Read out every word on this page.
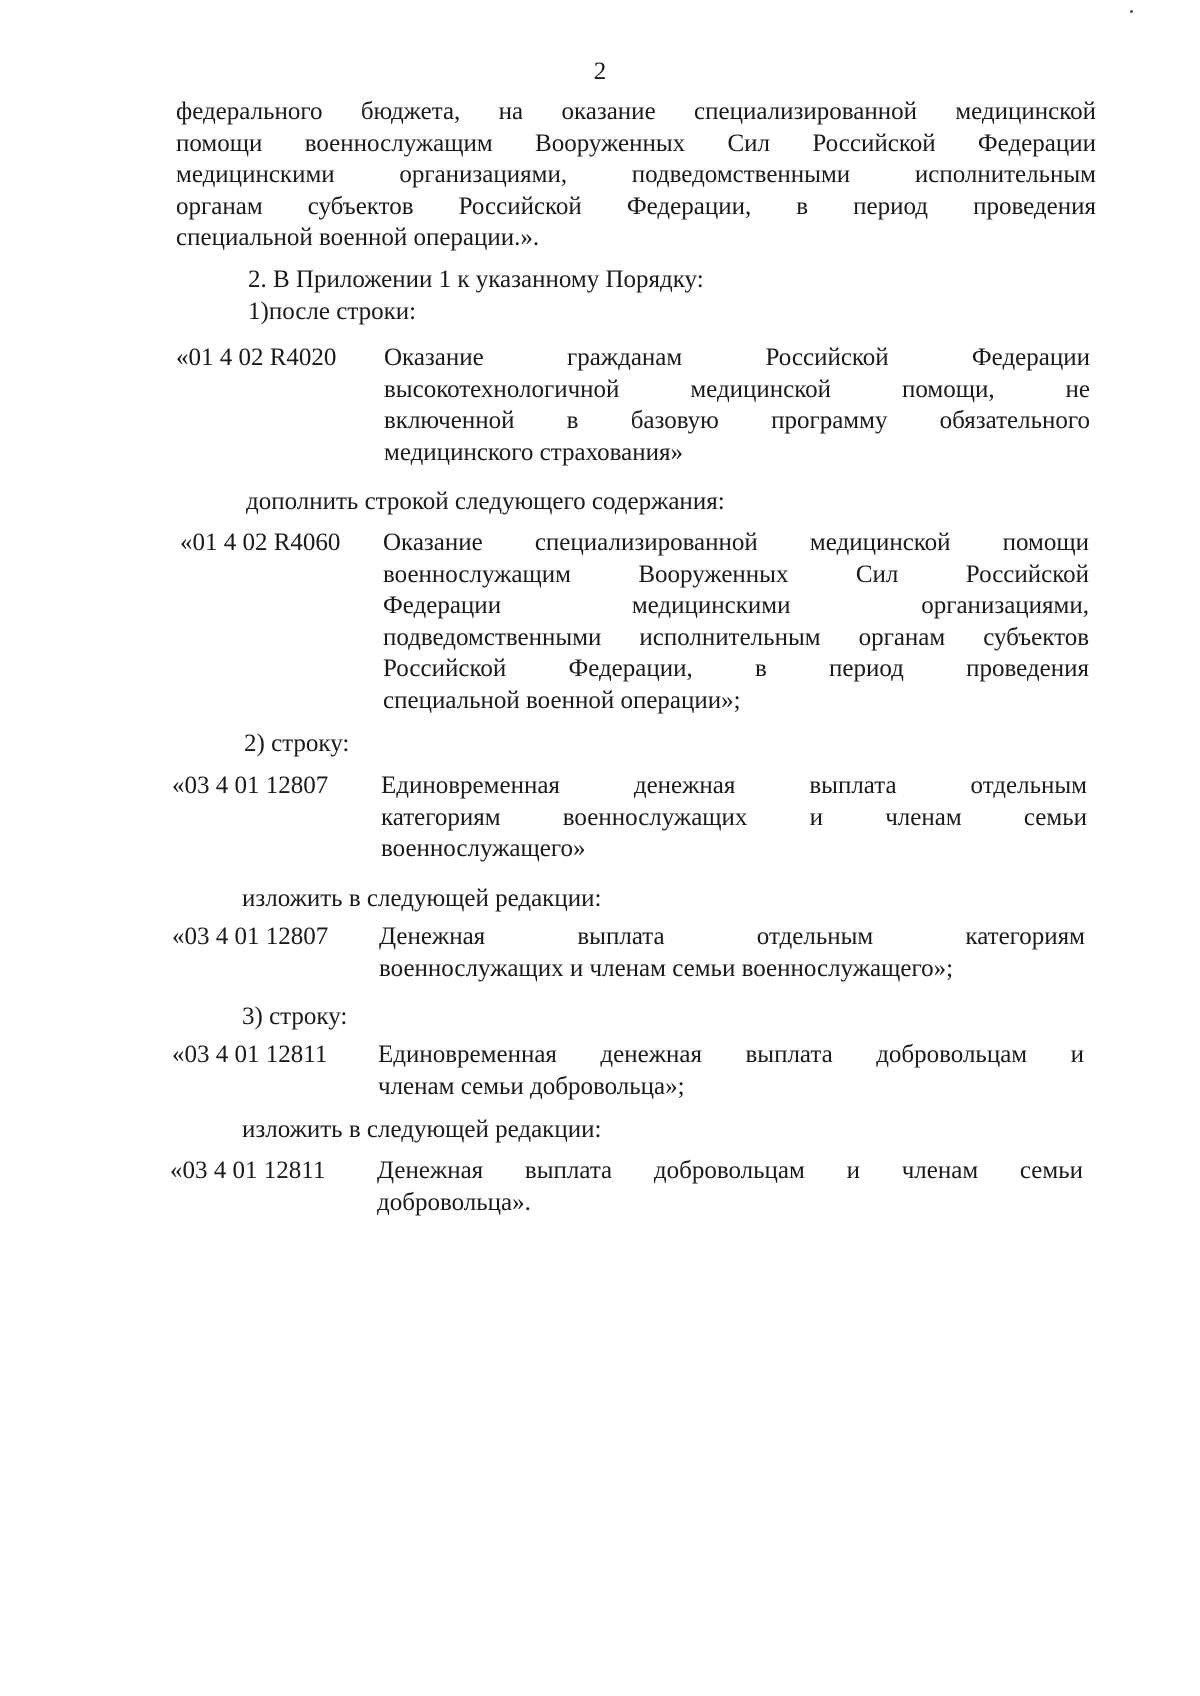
2
федерального бюджета, на оказание специализированной медицинской
помощи военнослужащим Вооруженных Сил Российской Федерации
медицинскими организациями, подведомственными исполнительным
органам субъектов Российской Федерации, в период проведения
специальной военной операции.».
2. В Приложении 1 к указанному Порядку:
1)после строки:
«01 4 02 R4020 Оказание гражданам Российской Федерации
высокотехнологичной медицинской помощи, не
включенной в базовую программу обязательного
медицинского страхования»
дополнить строкой следующего содержания:
«01 4 02 R4060 Оказание специализированной медицинской помощи
военнослужащим Вооруженных Сил Российской
Федерации медицинскими организациями,
подведомственными исполнительным органам субъектов
Российской Федерации, в период проведения
специальной военной операции»;
2) строку:
«03 4 01 12807 Единовременная денежная выплата отдельным
категориям военнослужащих и членам семьи
военнослужащего»
изложить в следующей редакции:
«03 4 01 12807 Денежная выплата отдельным категориям
военнослужащих и членам семьи военнослужащего»;
3) строку:
«03 4 01 12811 Единовременная денежная выплата добровольцам и
членам семьи добровольца»;
изложить в следующей редакции:
«03 4 01 12811 Денежная выплата добровольцам и членам семьи
добровольца».
